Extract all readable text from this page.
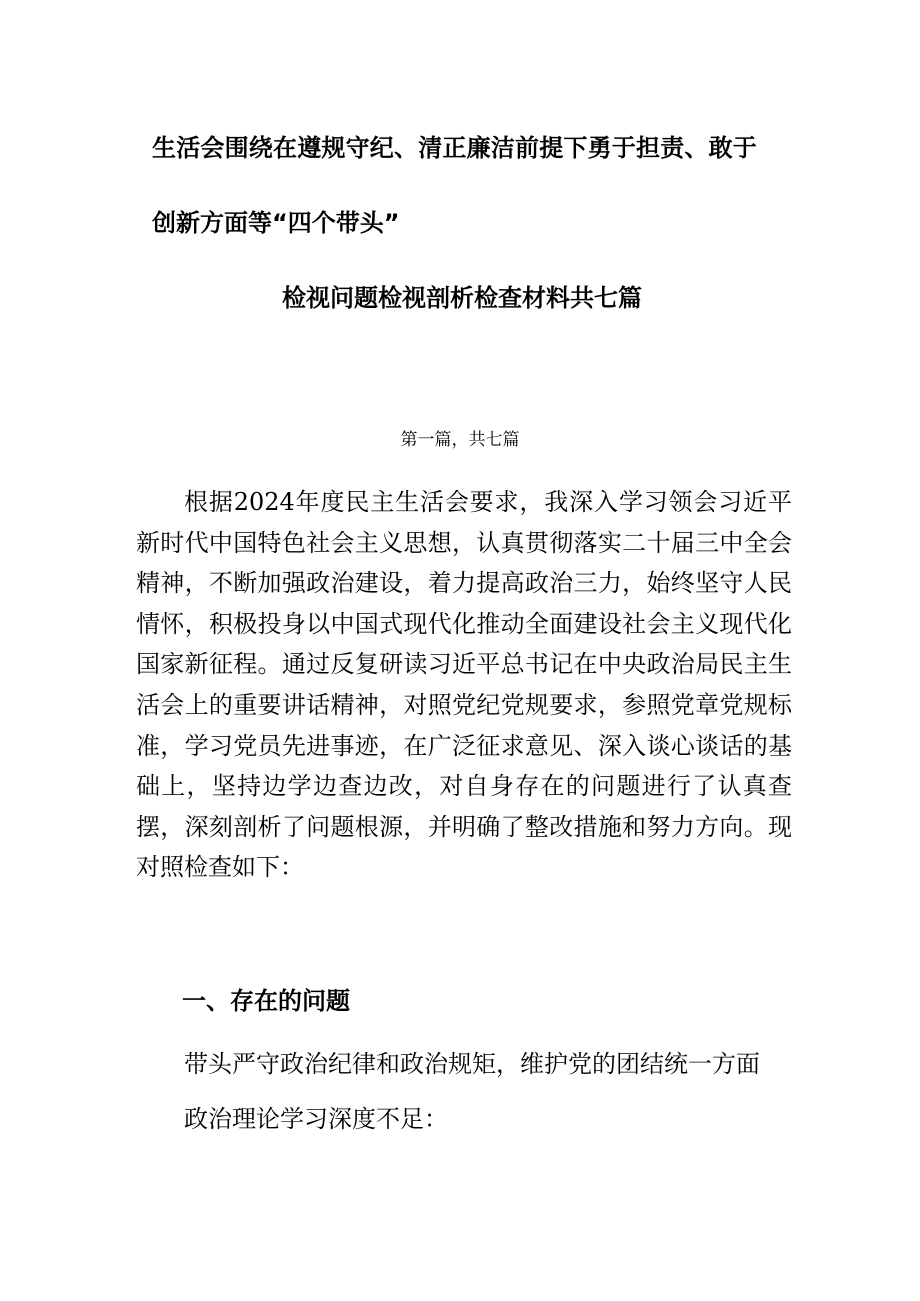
生活会围绕在遵规守纪、清正廉洁前提下勇于担责、敢于
创新方面等“四个带头”
检视问题检视剖析检查材料共七篇

第一篇，共七篇

根据2024年度民主生活会要求，我深入学习领会习近平新时代中国特色社会主义思想，认真贯彻落实二十届三中全会精神，不断加强政治建设，着力提高政治三力，始终坚守人民情怀，积极投身以中国式现代化推动全面建设社会主义现代化国家新征程。通过反复研读习近平总书记在中央政治局民主生活会上的重要讲话精神，对照党纪党规要求，参照党章党规标准，学习党员先进事迹，在广泛征求意见、深入谈心谈话的基础上，坚持边学边查边改，对自身存在的问题进行了认真查摆，深刻剖析了问题根源，并明确了整改措施和努力方向。现对照检查如下：

一、存在的问题

带头严守政治纪律和政治规矩，维护党的团结统一方面

政治理论学习深度不足：
